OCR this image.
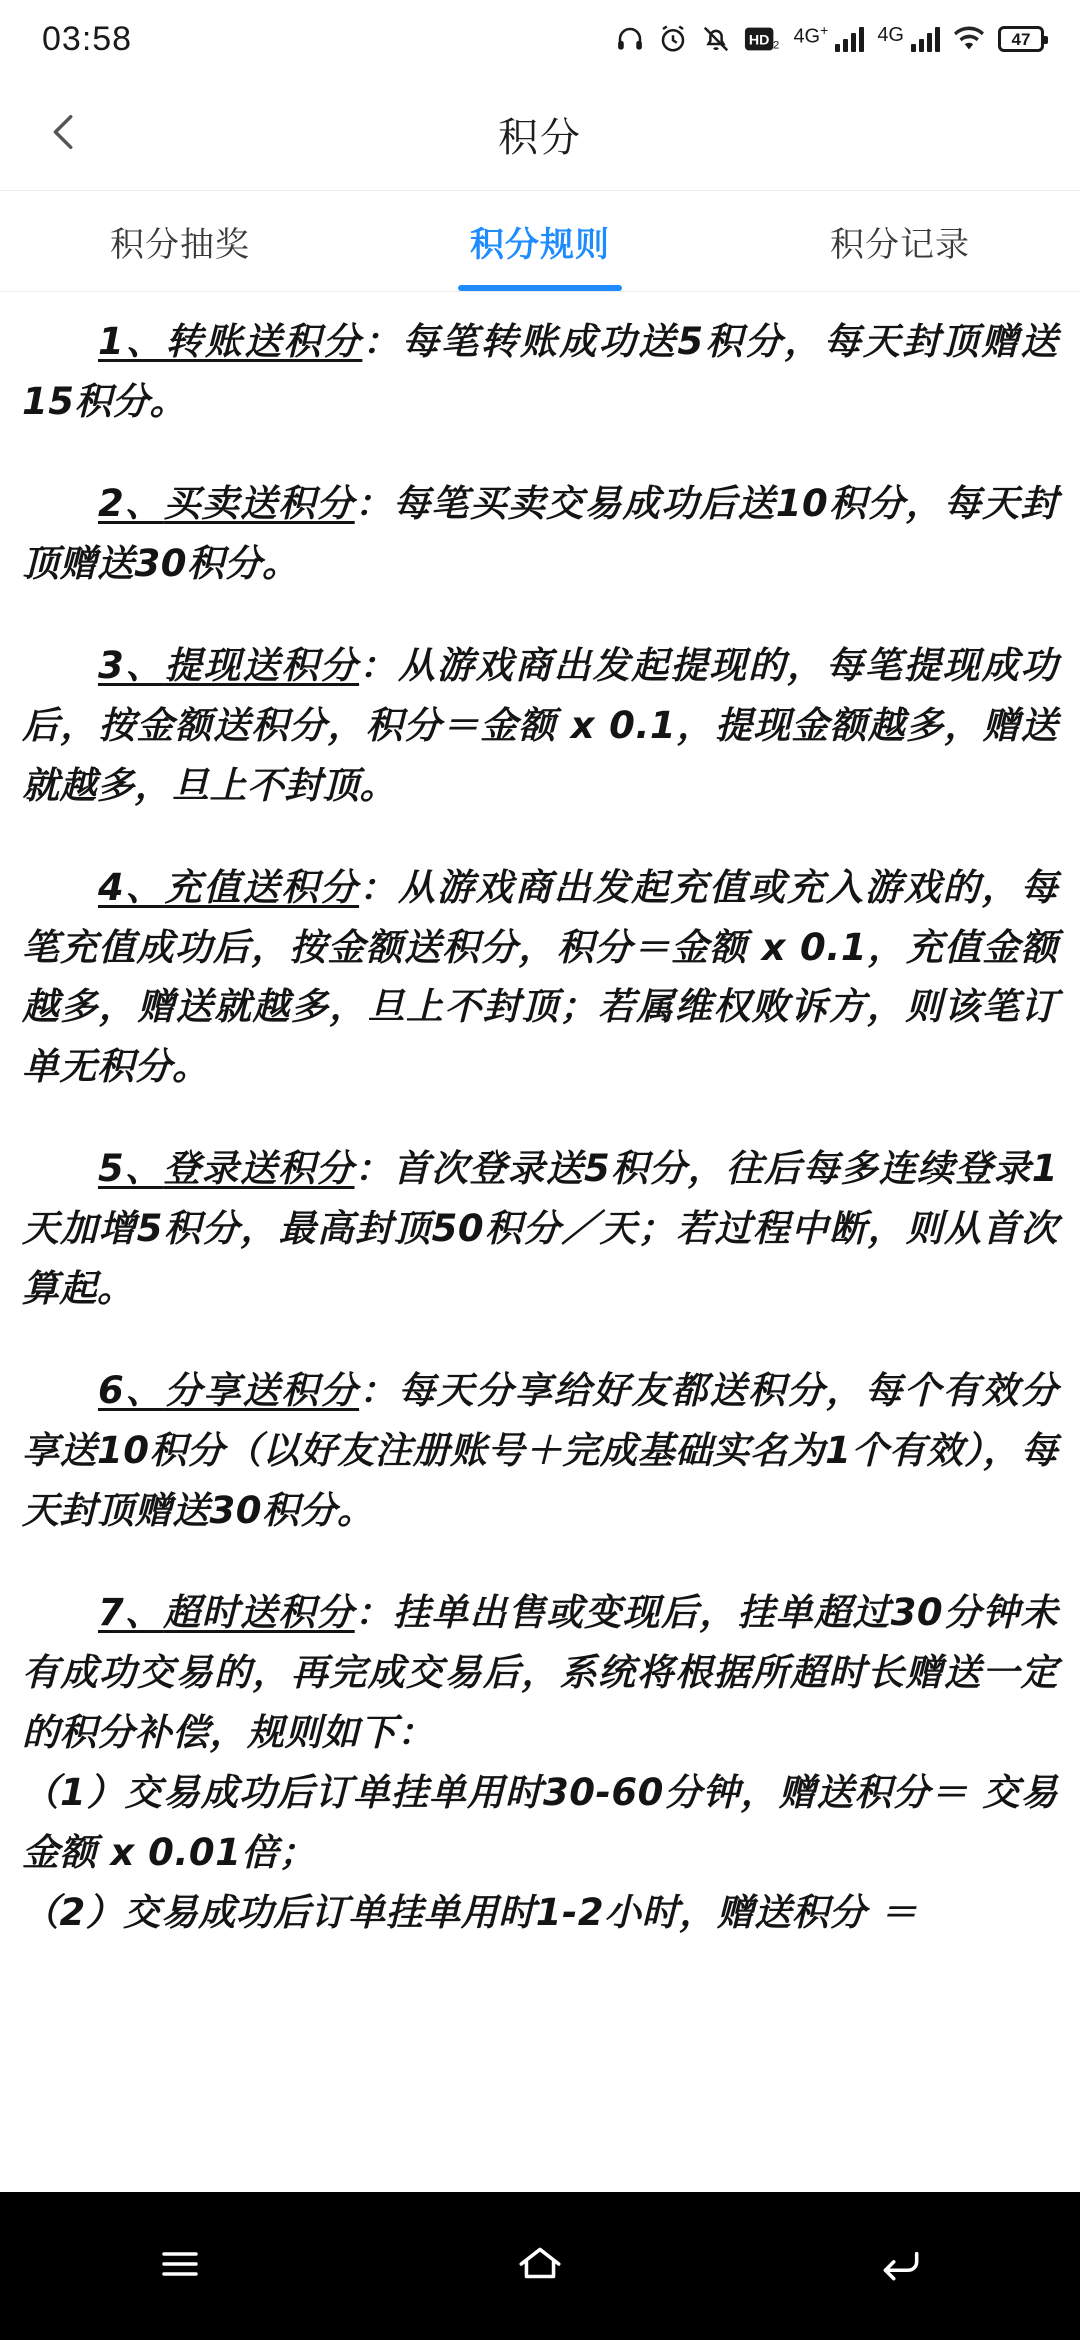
03:58	HD 2 4G+ 4G	47
积分
积分抽奖	积分规则	积分记录

1、转账送积分：每笔转账成功送5积分，每天封顶赠送15积分。

2、买卖送积分：每笔买卖交易成功后送10积分，每天封顶赠送30积分。

3、提现送积分：从游戏商出发起提现的，每笔提现成功后，按金额送积分，积分＝金额 x 0.1，提现金额越多，赠送就越多，旦上不封顶。

4、充值送积分：从游戏商出发起充值或充入游戏的，每笔充值成功后，按金额送积分，积分＝金额 x 0.1，充值金额越多，赠送就越多，旦上不封顶；若属维权败诉方，则该笔订单无积分。

5、登录送积分：首次登录送5积分，往后每多连续登录1天加增5积分，最高封顶50积分／天；若过程中断，则从首次算起。

6、分享送积分：每天分享给好友都送积分，每个有效分享送10积分（以好友注册账号＋完成基础实名为1个有效），每天封顶赠送30积分。

7、超时送积分：挂单出售或变现后，挂单超过30分钟未有成功交易的，再完成交易后，系统将根据所超时长赠送一定的积分补偿，规则如下：

（1）交易成功后订单挂单用时30-60分钟，赠送积分＝ 交易金额 x 0.01倍；

（2）交易成功后订单挂单用时1-2小时，赠送积分 ＝
